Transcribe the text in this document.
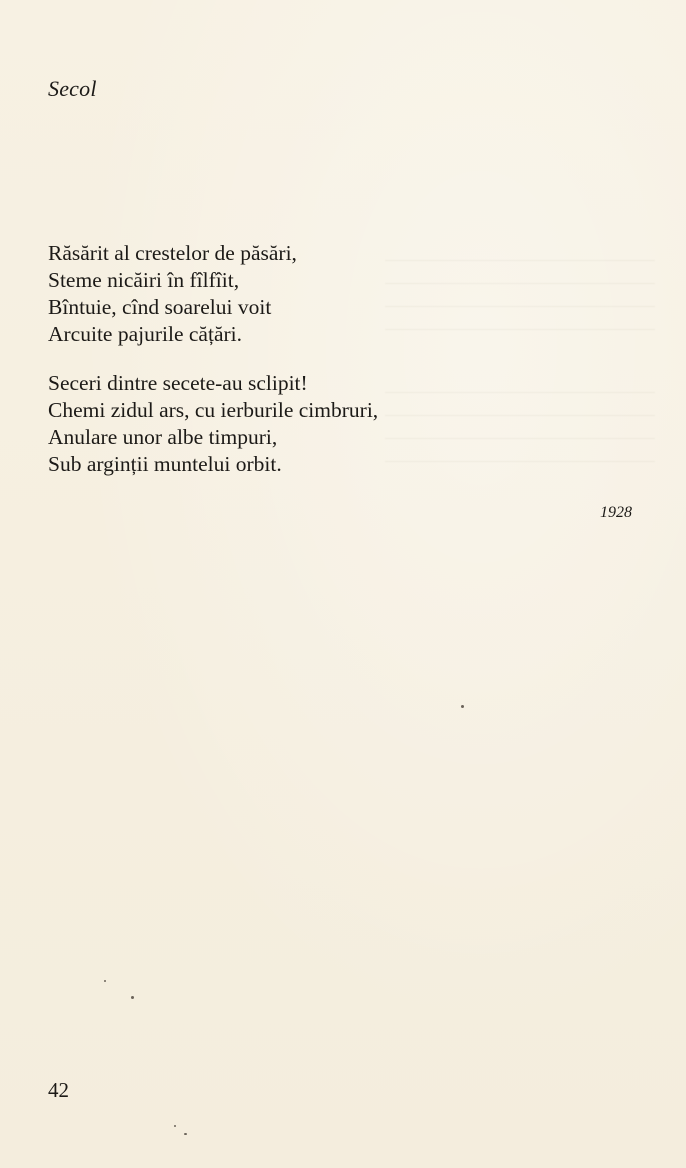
Secol
Răsărit al crestelor de păsări,
Steme nicăiri în fîlfîit,
Bîntuie, cînd soarelui voit
Arcuite pajurile cățări.
Seceri dintre secete-au sclipit!
Chemi zidul ars, cu ierburile cimbruri,
Anulare unor albe timpuri,
Sub arginții muntelui orbit.
1928
42
